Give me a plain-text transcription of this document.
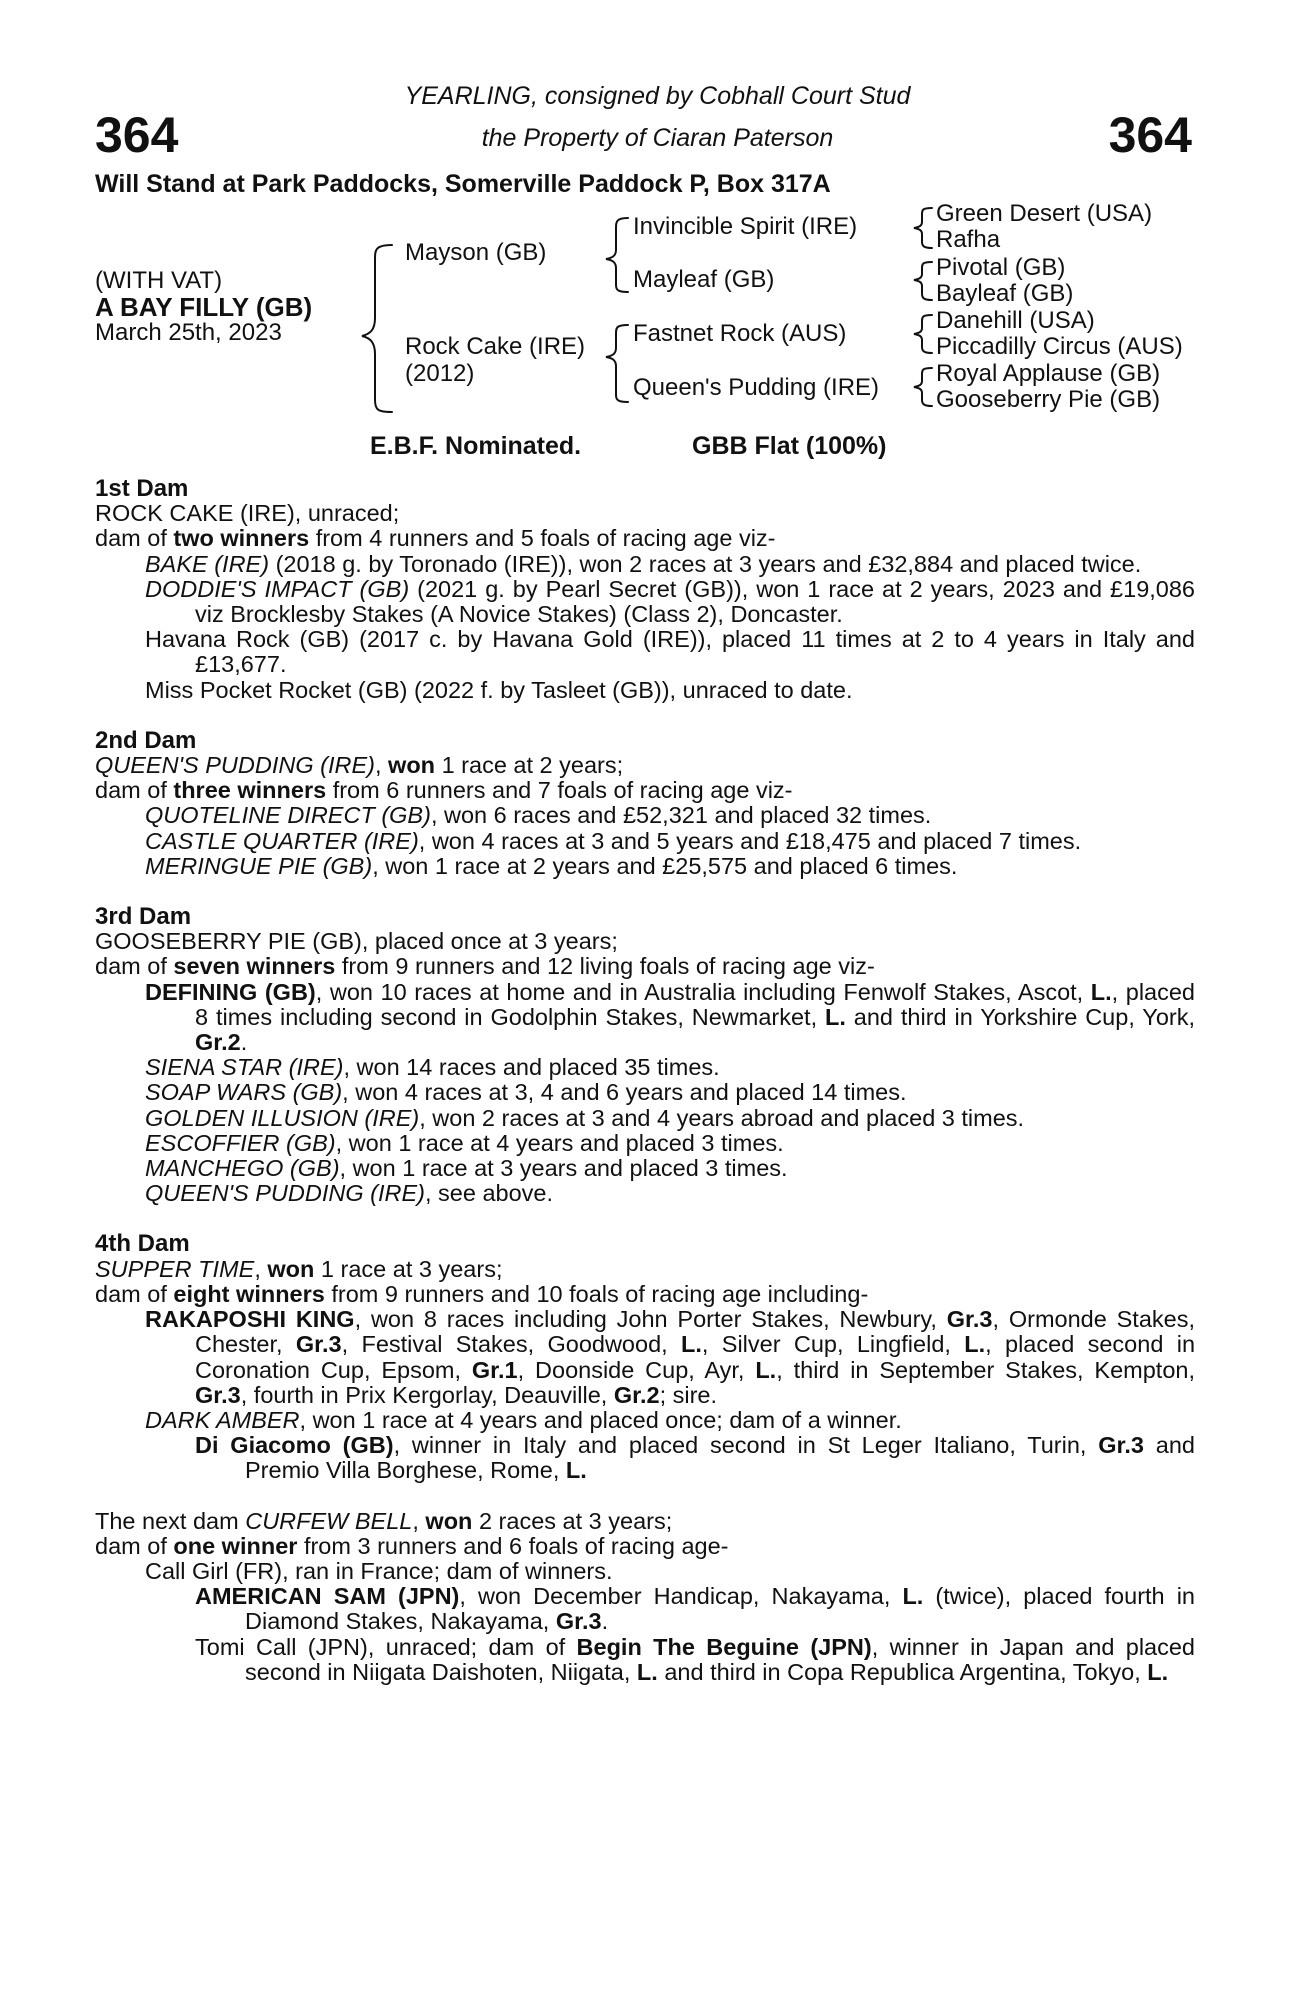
364	364
YEARLING, consigned by Cobhall Court Stud
the Property of Ciaran Paterson
Will Stand at Park Paddocks, Somerville Paddock P, Box 317A
(WITH VAT)
A BAY FILLY (GB)
March 25th, 2023
Mayson (GB)
Rock Cake (IRE)
(2012)
Invincible Spirit (IRE)
Mayleaf (GB)
Fastnet Rock (AUS)
Queen's Pudding (IRE)
Green Desert (USA)
Rafha
Pivotal (GB)
Bayleaf (GB)
Danehill (USA)
Piccadilly Circus (AUS)
Royal Applause (GB)
Gooseberry Pie (GB)
E.B.F. Nominated.	GBB Flat (100%)
1st Dam
ROCK CAKE (IRE), unraced;
dam of two winners from 4 runners and 5 foals of racing age viz-
BAKE (IRE) (2018 g. by Toronado (IRE)), won 2 races at 3 years and £32,884 and placed twice.
DODDIE'S IMPACT (GB) (2021 g. by Pearl Secret (GB)), won 1 race at 2 years, 2023 and £19,086 viz Brocklesby Stakes (A Novice Stakes) (Class 2), Doncaster.
Havana Rock (GB) (2017 c. by Havana Gold (IRE)), placed 11 times at 2 to 4 years in Italy and £13,677.
Miss Pocket Rocket (GB) (2022 f. by Tasleet (GB)), unraced to date.
2nd Dam
QUEEN'S PUDDING (IRE), won 1 race at 2 years;
dam of three winners from 6 runners and 7 foals of racing age viz-
QUOTELINE DIRECT (GB), won 6 races and £52,321 and placed 32 times.
CASTLE QUARTER (IRE), won 4 races at 3 and 5 years and £18,475 and placed 7 times.
MERINGUE PIE (GB), won 1 race at 2 years and £25,575 and placed 6 times.
3rd Dam
GOOSEBERRY PIE (GB), placed once at 3 years;
dam of seven winners from 9 runners and 12 living foals of racing age viz-
DEFINING (GB), won 10 races at home and in Australia including Fenwolf Stakes, Ascot, L., placed 8 times including second in Godolphin Stakes, Newmarket, L. and third in Yorkshire Cup, York, Gr.2.
SIENA STAR (IRE), won 14 races and placed 35 times.
SOAP WARS (GB), won 4 races at 3, 4 and 6 years and placed 14 times.
GOLDEN ILLUSION (IRE), won 2 races at 3 and 4 years abroad and placed 3 times.
ESCOFFIER (GB), won 1 race at 4 years and placed 3 times.
MANCHEGO (GB), won 1 race at 3 years and placed 3 times.
QUEEN'S PUDDING (IRE), see above.
4th Dam
SUPPER TIME, won 1 race at 3 years;
dam of eight winners from 9 runners and 10 foals of racing age including-
RAKAPOSHI KING, won 8 races including John Porter Stakes, Newbury, Gr.3, Ormonde Stakes, Chester, Gr.3, Festival Stakes, Goodwood, L., Silver Cup, Lingfield, L., placed second in Coronation Cup, Epsom, Gr.1, Doonside Cup, Ayr, L., third in September Stakes, Kempton, Gr.3, fourth in Prix Kergorlay, Deauville, Gr.2; sire.
DARK AMBER, won 1 race at 4 years and placed once; dam of a winner.
Di Giacomo (GB), winner in Italy and placed second in St Leger Italiano, Turin, Gr.3 and Premio Villa Borghese, Rome, L.
The next dam CURFEW BELL, won 2 races at 3 years;
dam of one winner from 3 runners and 6 foals of racing age-
Call Girl (FR), ran in France; dam of winners.
AMERICAN SAM (JPN), won December Handicap, Nakayama, L. (twice), placed fourth in Diamond Stakes, Nakayama, Gr.3.
Tomi Call (JPN), unraced; dam of Begin The Beguine (JPN), winner in Japan and placed second in Niigata Daishoten, Niigata, L. and third in Copa Republica Argentina, Tokyo, L.
